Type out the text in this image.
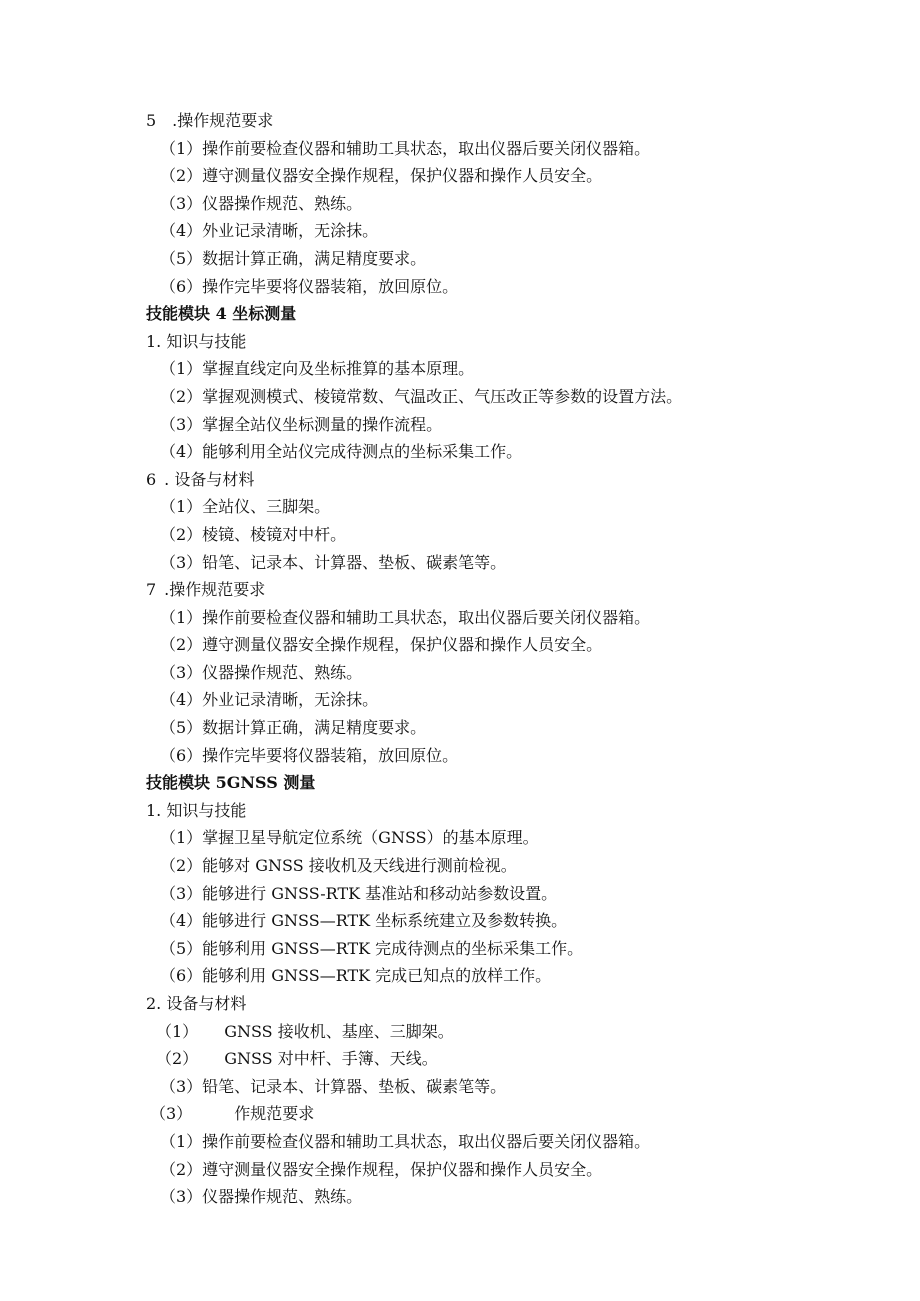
5 .操作规范要求
（1）操作前要检查仪器和辅助工具状态，取出仪器后要关闭仪器箱。
（2）遵守测量仪器安全操作规程，保护仪器和操作人员安全。
（3）仪器操作规范、熟练。
（4）外业记录清晰，无涂抹。
（5）数据计算正确，满足精度要求。
（6）操作完毕要将仪器装箱，放回原位。
技能模块 4 坐标测量
1. 知识与技能
（1）掌握直线定向及坐标推算的基本原理。
（2）掌握观测模式、棱镜常数、气温改正、气压改正等参数的设置方法。
（3）掌握全站仪坐标测量的操作流程。
（4）能够利用全站仪完成待测点的坐标采集工作。
6 . 设备与材料
（1）全站仪、三脚架。
（2）棱镜、棱镜对中杆。
（3）铅笔、记录本、计算器、垫板、碳素笔等。
7 .操作规范要求
（1）操作前要检查仪器和辅助工具状态，取出仪器后要关闭仪器箱。
（2）遵守测量仪器安全操作规程，保护仪器和操作人员安全。
（3）仪器操作规范、熟练。
（4）外业记录清晰，无涂抹。
（5）数据计算正确，满足精度要求。
（6）操作完毕要将仪器装箱，放回原位。
技能模块 5GNSS 测量
1. 知识与技能
（1）掌握卫星导航定位系统（GNSS）的基本原理。
（2）能够对 GNSS 接收机及天线进行测前检视。
（3）能够进行 GNSS-RTK 基准站和移动站参数设置。
（4）能够进行 GNSS—RTK 坐标系统建立及参数转换。
（5）能够利用 GNSS—RTK 完成待测点的坐标采集工作。
（6）能够利用 GNSS—RTK 完成已知点的放样工作。
2. 设备与材料
（1） GNSS 接收机、基座、三脚架。
（2） GNSS 对中杆、手簿、天线。
（3）铅笔、记录本、计算器、垫板、碳素笔等。
（3）	作规范要求
（1）操作前要检查仪器和辅助工具状态，取出仪器后要关闭仪器箱。
（2）遵守测量仪器安全操作规程，保护仪器和操作人员安全。
（3）仪器操作规范、熟练。
